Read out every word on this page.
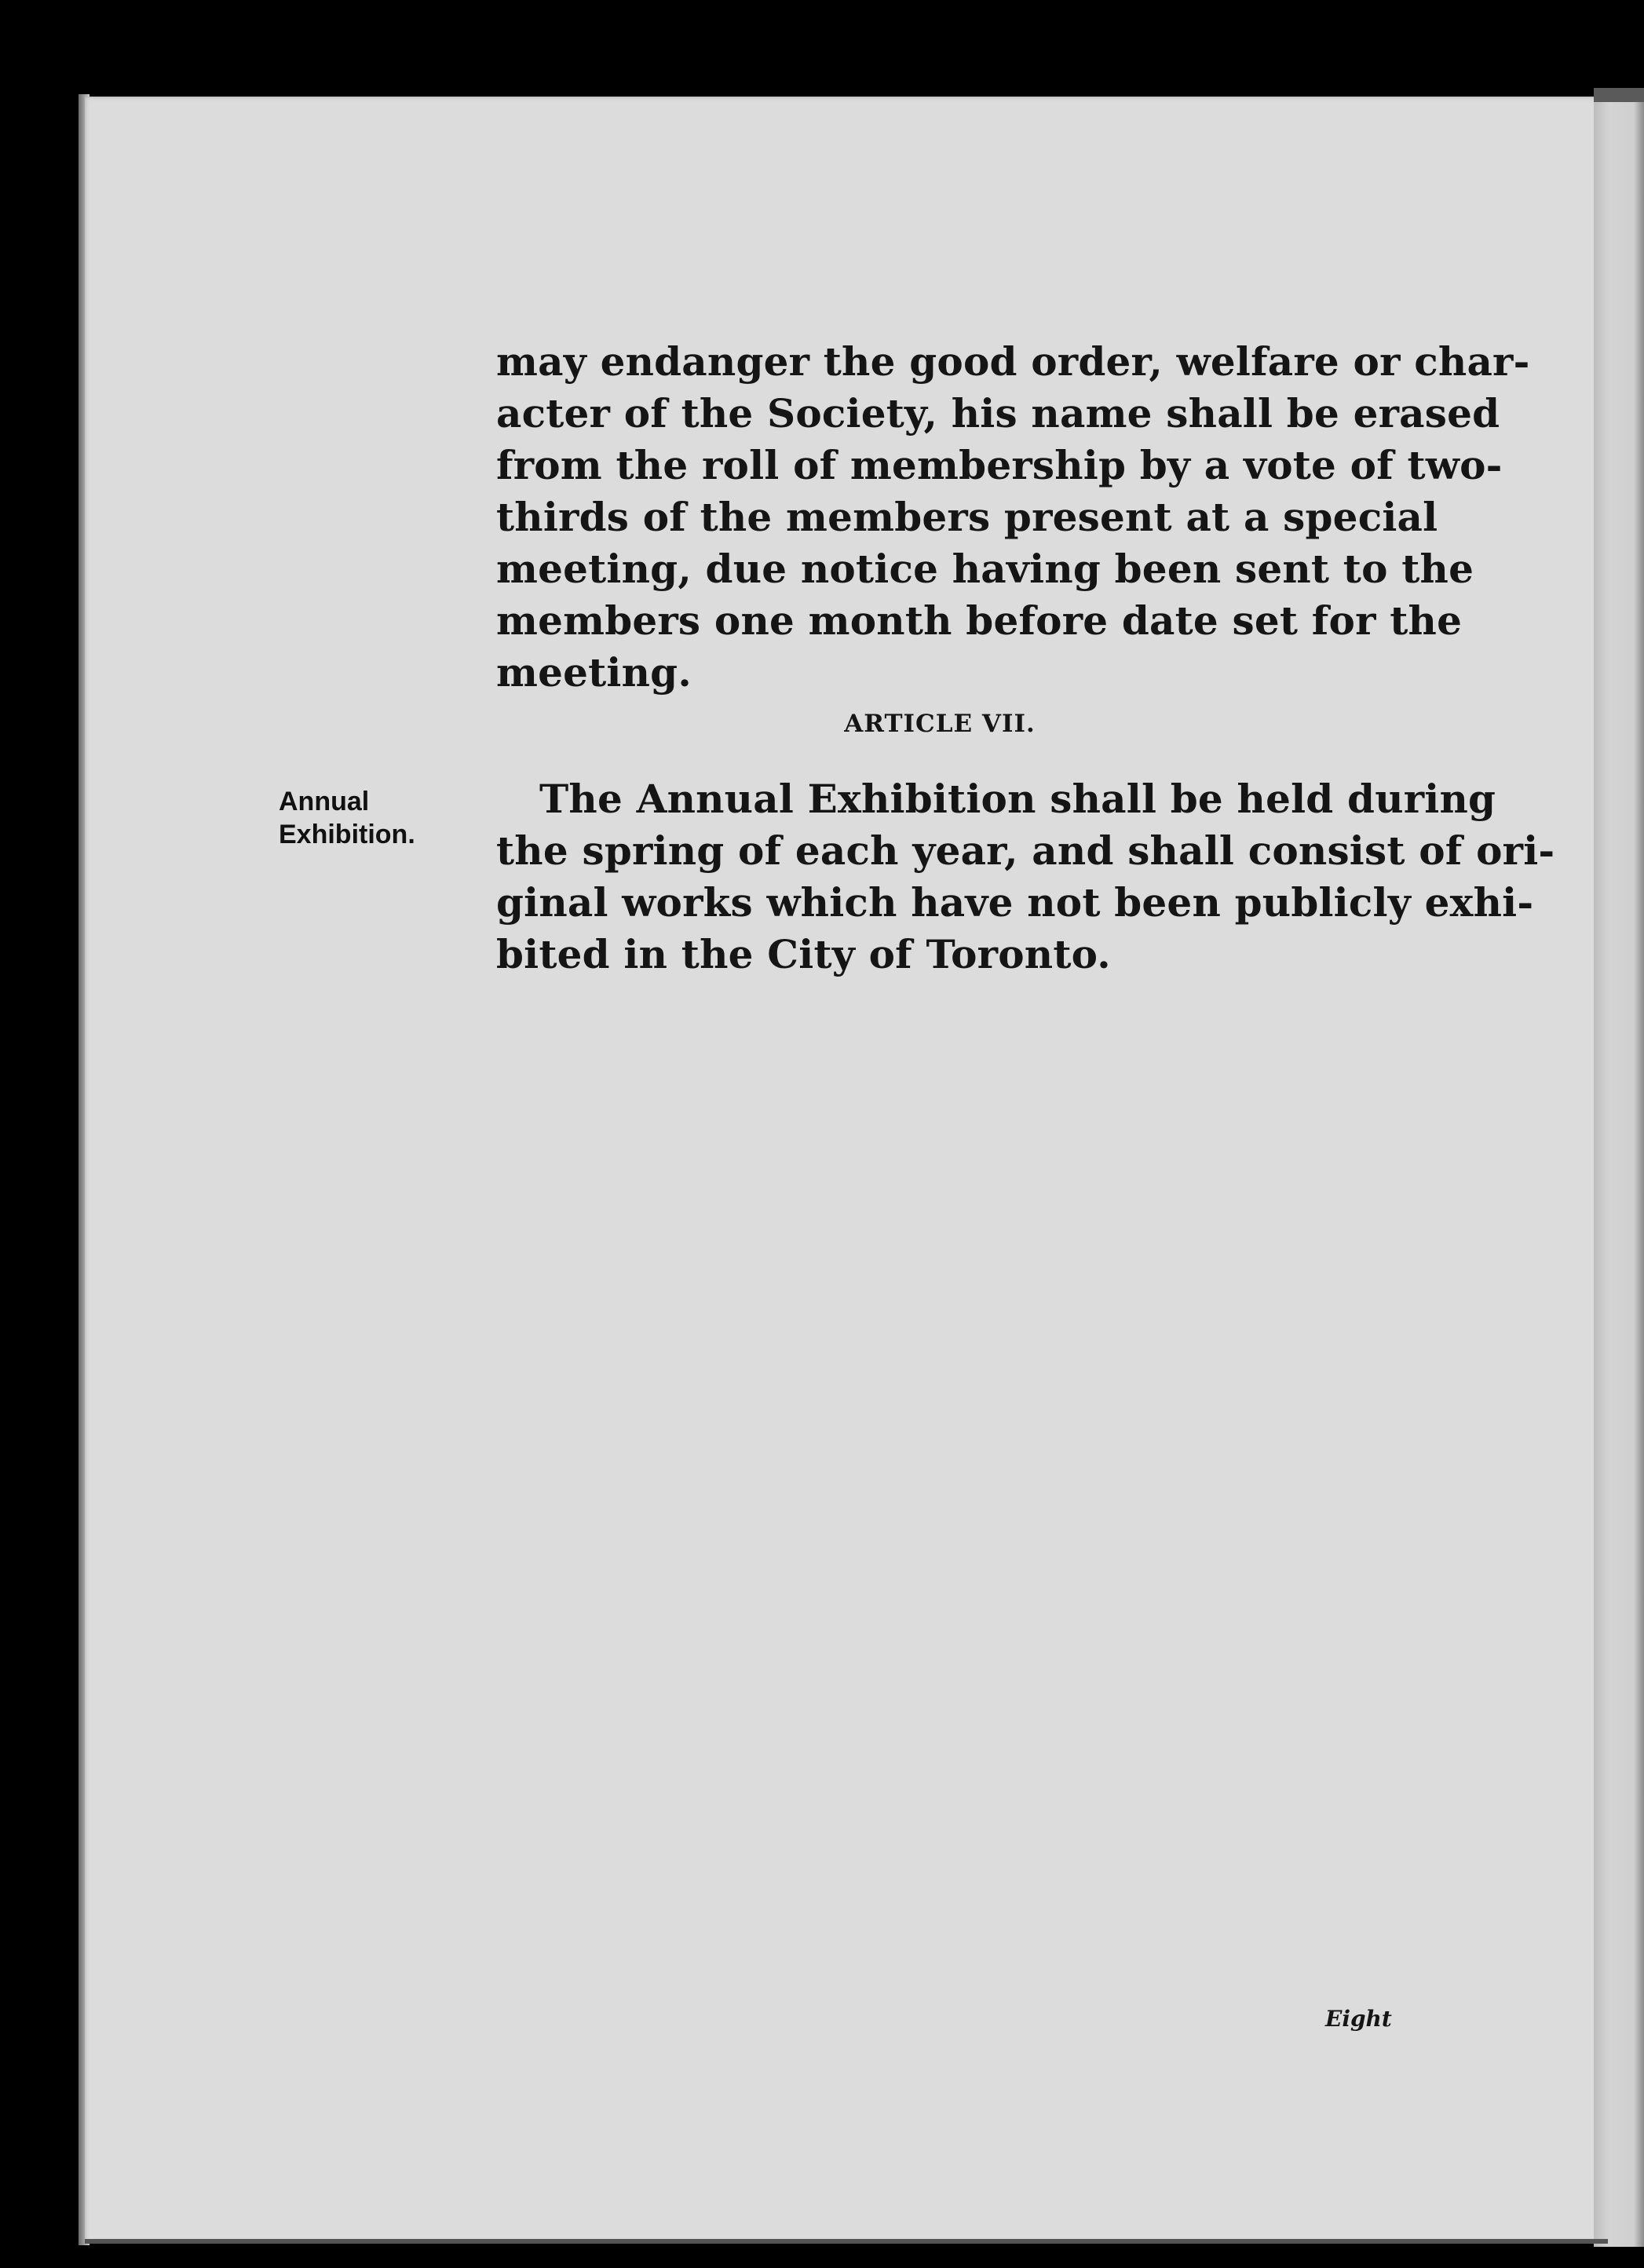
may endanger the good order, welfare or char-
acter of the Society, his name shall be erased
from the roll of membership by a vote of two-
thirds of the members present at a special
meeting, due notice having been sent to the
members one month before date set for the
meeting.
ARTICLE VII.
Annual
Exhibition.
The Annual Exhibition shall be held during
the spring of each year, and shall consist of ori-
ginal works which have not been publicly exhi-
bited in the City of Toronto.
Eight
